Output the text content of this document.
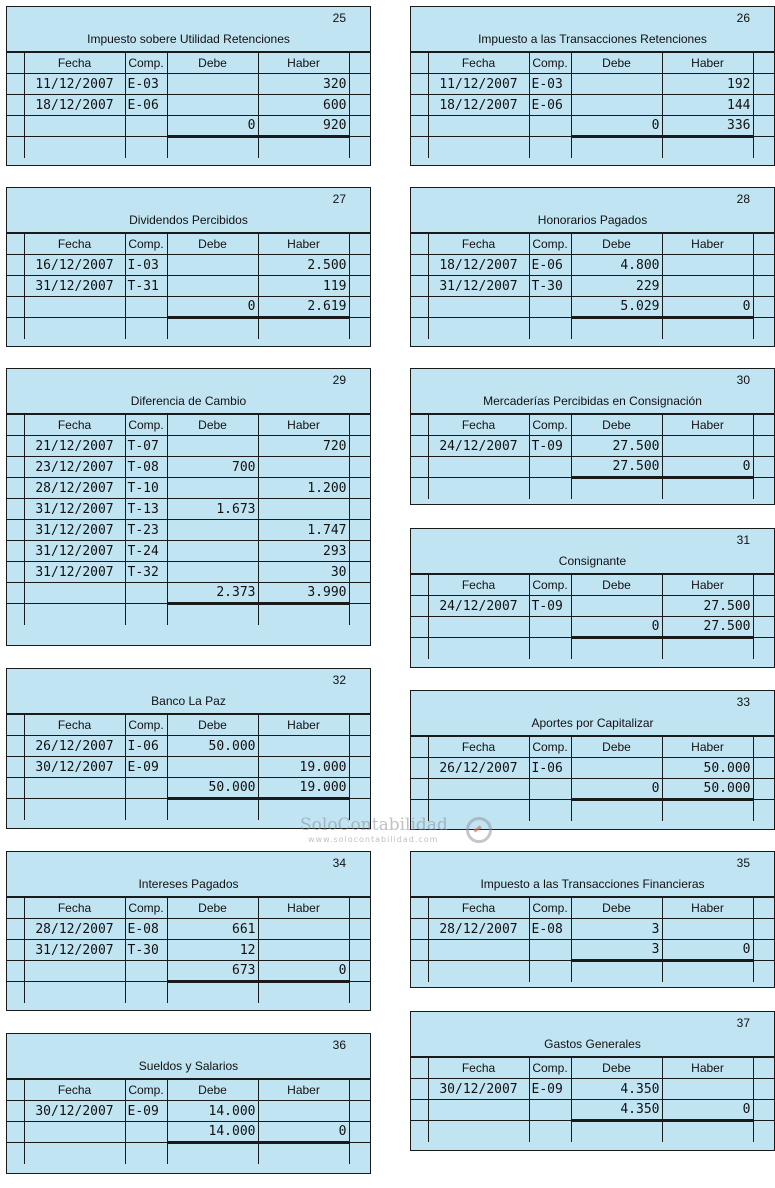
25
Impuesto sobere Utilidad Retenciones
	Fecha	Comp.	Debe	Haber	
	11/12/2007	E-03		320	
	18/12/2007	E-06		600	
			0	920	

26
Impuesto a las Transacciones Retenciones
	Fecha	Comp.	Debe	Haber	
	11/12/2007	E-03		192	
	18/12/2007	E-06		144	
			0	336	

27
Dividendos Percibidos
	Fecha	Comp.	Debe	Haber	
	16/12/2007	I-03		2.500	
	31/12/2007	T-31		119	
			0	2.619	

28
Honorarios Pagados
	Fecha	Comp.	Debe	Haber	
	18/12/2007	E-06	4.800		
	31/12/2007	T-30	229		
			5.029	0	

29
Diferencia de Cambio
	Fecha	Comp.	Debe	Haber	
	21/12/2007	T-07		720	
	23/12/2007	T-08	700		
	28/12/2007	T-10		1.200	
	31/12/2007	T-13	1.673		
	31/12/2007	T-23		1.747	
	31/12/2007	T-24		293	
	31/12/2007	T-32		30	
			2.373	3.990	

30
Mercaderías Percibidas en Consignación
	Fecha	Comp.	Debe	Haber	
	24/12/2007	T-09	27.500		
			27.500	0	

31
Consignante
	Fecha	Comp.	Debe	Haber	
	24/12/2007	T-09		27.500	
			0	27.500	

32
Banco La Paz
	Fecha	Comp.	Debe	Haber	
	26/12/2007	I-06	50.000		
	30/12/2007	E-09		19.000	
			50.000	19.000	

33
Aportes por Capitalizar
	Fecha	Comp.	Debe	Haber	
	26/12/2007	I-06		50.000	
			0	50.000	

34
Intereses Pagados
	Fecha	Comp.	Debe	Haber	
	28/12/2007	E-08	661		
	31/12/2007	T-30	12		
			673	0	

35
Impuesto a las Transacciones Financieras
	Fecha	Comp.	Debe	Haber	
	28/12/2007	E-08	3		
			3	0	

36
Sueldos y Salarios
	Fecha	Comp.	Debe	Haber	
	30/12/2007	E-09	14.000		
			14.000	0	

37
Gastos Generales
	Fecha	Comp.	Debe	Haber	
	30/12/2007	E-09	4.350		
			4.350	0	

SoloContabilidad
www.solocontabilidad.com
